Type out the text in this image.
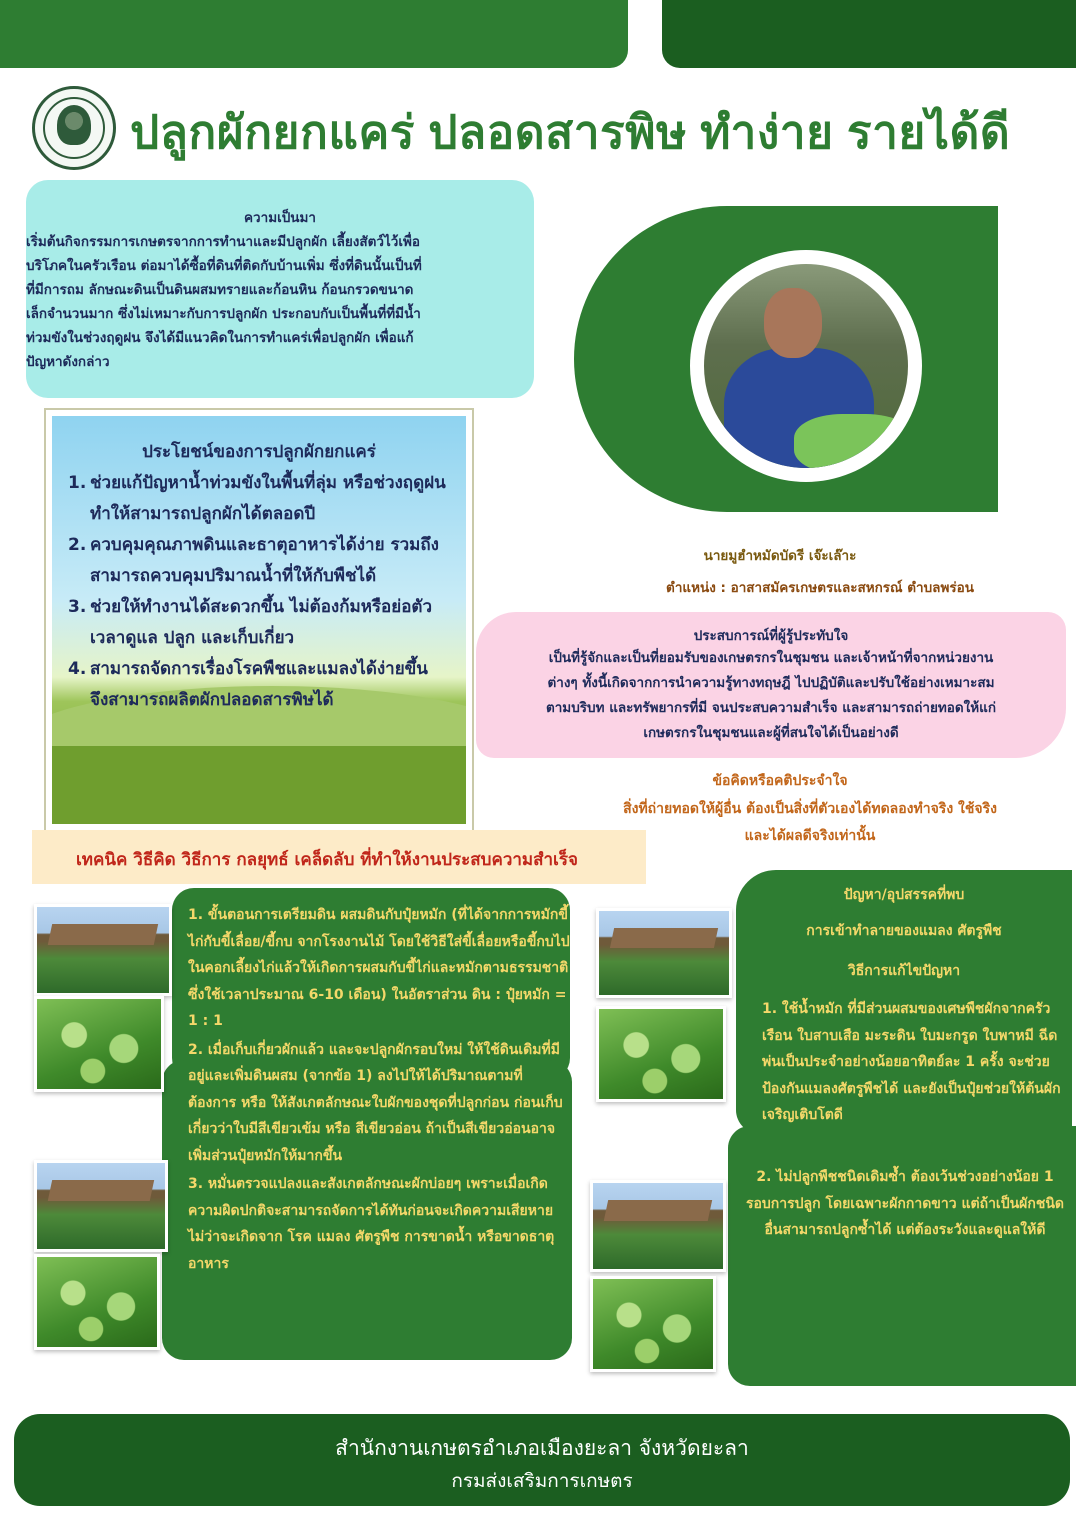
ปลูกผักยกแคร่ ปลอดสารพิษ ทำง่าย รายได้ดี
ความเป็นมา
เริ่มต้นกิจกรรมการเกษตรจากการทำนาและมีปลูกผัก เลี้ยงสัตว์ไว้เพื่อ
บริโภคในครัวเรือน ต่อมาได้ซื้อที่ดินที่ติดกับบ้านเพิ่ม ซึ่งที่ดินนั้นเป็นที่
ที่มีการถม ลักษณะดินเป็นดินผสมทรายและก้อนหิน ก้อนกรวดขนาด
เล็กจำนวนมาก ซึ่งไม่เหมาะกับการปลูกผัก ประกอบกับเป็นพื้นที่ที่มีน้ำ
ท่วมขังในช่วงฤดูฝน จึงได้มีแนวคิดในการทำแคร่เพื่อปลูกผัก เพื่อแก้
ปัญหาดังกล่าว
ประโยชน์ของการปลูกผักยกแคร่
1. ช่วยแก้ปัญหาน้ำท่วมขังในพื้นที่ลุ่ม หรือช่วงฤดูฝน ทำให้สามารถปลูกผักได้ตลอดปี
2. ควบคุมคุณภาพดินและธาตุอาหารได้ง่าย รวมถึงสามารถควบคุมปริมาณน้ำที่ให้กับพืชได้
3. ช่วยให้ทำงานได้สะดวกขึ้น ไม่ต้องก้มหรือย่อตัวเวลาดูแล ปลูก และเก็บเกี่ยว
4. สามารถจัดการเรื่องโรคพืชและแมลงได้ง่ายขึ้น จึงสามารถผลิตผักปลอดสารพิษได้
นายมูฮำหมัดบัดรี เจ๊ะเล๊าะ
ตำแหน่ง : อาสาสมัครเกษตรและสหกรณ์ ตำบลพร่อน
ประสบการณ์ที่ผู้รู้ประทับใจ
เป็นที่รู้จักและเป็นที่ยอมรับของเกษตรกรในชุมชน และเจ้าหน้าที่จากหน่วยงาน
ต่างๆ ทั้งนี้เกิดจากการนำความรู้ทางทฤษฎี ไปปฏิบัติและปรับใช้อย่างเหมาะสม
ตามบริบท และทรัพยากรที่มี จนประสบความสำเร็จ และสามารถถ่ายทอดให้แก่
เกษตรกรในชุมชนและผู้ที่สนใจได้เป็นอย่างดี
ข้อคิดหรือคติประจำใจ
สิ่งที่ถ่ายทอดให้ผู้อื่น ต้องเป็นสิ่งที่ตัวเองได้ทดลองทำจริง ใช้จริง
และได้ผลดีจริงเท่านั้น
เทคนิค วิธีคิด วิธีการ กลยุทธ์ เคล็ดลับ ที่ทำให้งานประสบความสำเร็จ

1. ขั้นตอนการเตรียมดิน ผสมดินกับปุ๋ยหมัก (ที่ได้จากการหมักขี้ไก่กับขี้เลื่อย/ขี้กบ จากโรงงานไม้ โดยใช้วิธีใส่ขี้เลื่อยหรือขี้กบไปในคอกเลี้ยงไก่แล้วให้เกิดการผสมกับขี้ไก่และหมักตามธรรมชาติ ซึ่งใช้เวลาประมาณ 6-10 เดือน) ในอัตราส่วน ดิน : ปุ๋ยหมัก = 1 : 1

2. เมื่อเก็บเกี่ยวผักแล้ว และจะปลูกผักรอบใหม่ ให้ใช้ดินเดิมที่มีอยู่และเพิ่มดินผสม (จากข้อ 1) ลงไปให้ได้ปริมาณตามที่ต้องการ หรือ ให้สังเกตลักษณะใบผักของชุดที่ปลูกก่อน ก่อนเก็บเกี่ยวว่าใบมีสีเขียวเข้ม หรือ สีเขียวอ่อน ถ้าเป็นสีเขียวอ่อนอาจเพิ่มส่วนปุ๋ยหมักให้มากขึ้น

3. หมั่นตรวจแปลงและสังเกตลักษณะผักบ่อยๆ เพราะเมื่อเกิดความผิดปกติจะสามารถจัดการได้ทันก่อนจะเกิดความเสียหาย ไม่ว่าจะเกิดจาก โรค แมลง ศัตรูพืช การขาดน้ำ หรือขาดธาตุอาหาร

ปัญหา/อุปสรรคที่พบ
การเข้าทำลายของแมลง ศัตรูพืช
วิธีการแก้ไขปัญหา
1. ใช้น้ำหมัก ที่มีส่วนผสมของเศษพืชผักจากครัวเรือน ใบสาบเสือ มะระดิน ใบมะกรูด ใบพาหมี ฉีดพ่นเป็นประจำอย่างน้อยอาทิตย์ละ 1 ครั้ง จะช่วยป้องกันแมลงศัตรูพืชได้ และยังเป็นปุ๋ยช่วยให้ต้นผักเจริญเติบโตดี
2. ไม่ปลูกพืชชนิดเดิมซ้ำ ต้องเว้นช่วงอย่างน้อย 1 รอบการปลูก โดยเฉพาะผักกาดขาว แต่ถ้าเป็นผักชนิดอื่นสามารถปลูกซ้ำได้ แต่ต้องระวังและดูแลให้ดี
สำนักงานเกษตรอำเภอเมืองยะลา จังหวัดยะลา
กรมส่งเสริมการเกษตร
